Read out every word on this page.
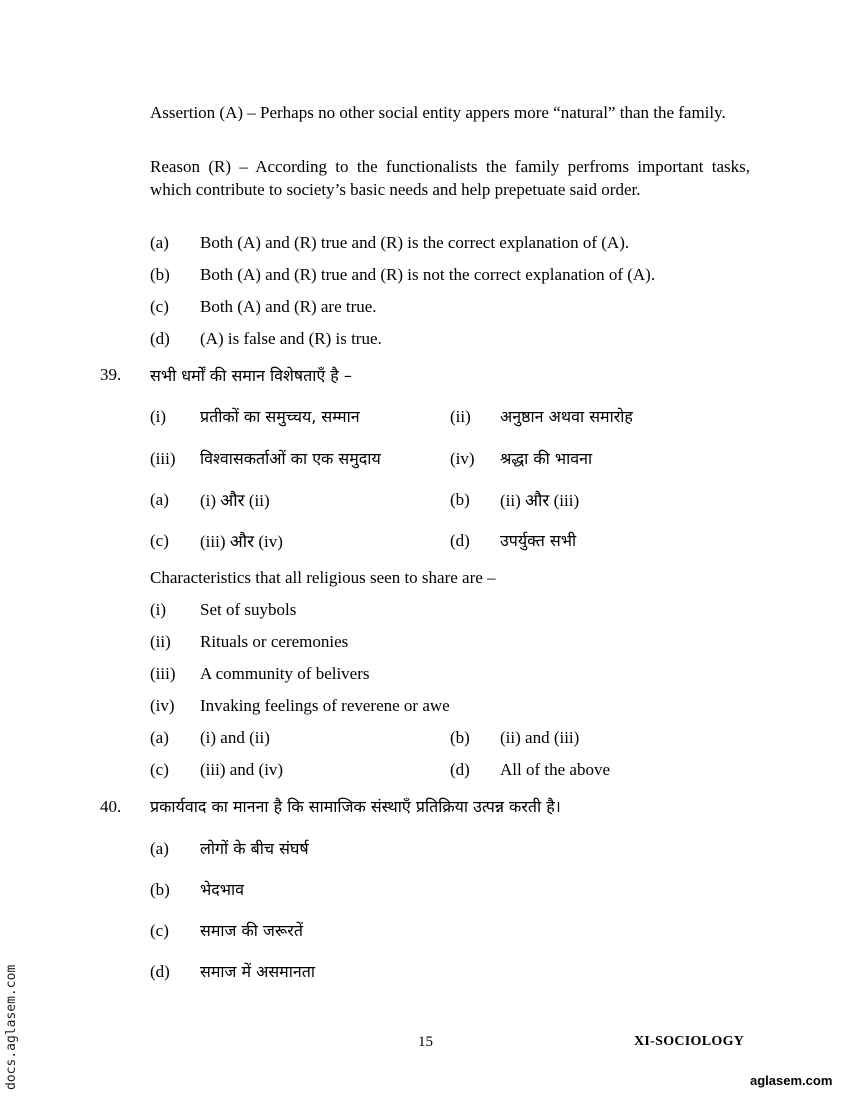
Assertion (A) – Perhaps no other social entity appers more “natural” than the family.
Reason (R) – According to the functionalists the family perfroms important tasks, which contribute to society’s basic needs and help prepetuate said order.
(a) Both (A) and (R) true and (R) is the correct explanation of (A).
(b) Both (A) and (R) true and (R) is not the correct explanation of (A).
(c) Both (A) and (R) are true.
(d) (A) is false and (R) is true.
39. सभी धर्मों की समान विशेषताएँ है –
(i) प्रतीकों का समुच्चय, सम्मान	(ii) अनुष्ठान अथवा समारोह
(iii) विश्वासकर्ताओं का एक समुदाय	(iv) श्रद्धा की भावना
(a) (i) और (ii)	(b) (ii) और (iii)
(c) (iii) और (iv)	(d) उपर्युक्त सभी
Characteristics that all religious seen to share are –
(i) Set of suybols
(ii) Rituals or ceremonies
(iii) A community of belivers
(iv) Invaking feelings of reverene or awe
(a) (i) and (ii)	(b) (ii) and (iii)
(c) (iii) and (iv)	(d) All of the above
40. प्रकार्यवाद का मानना है कि सामाजिक संस्थाएँ प्रतिक्रिया उत्पन्न करती है।
(a) लोगों के बीच संघर्ष
(b) भेदभाव
(c) समाज की जरूरतें
(d) समाज में असमानता
15	XI-SOCIOLOGY
docs.aglasem.com	aglasem.com
